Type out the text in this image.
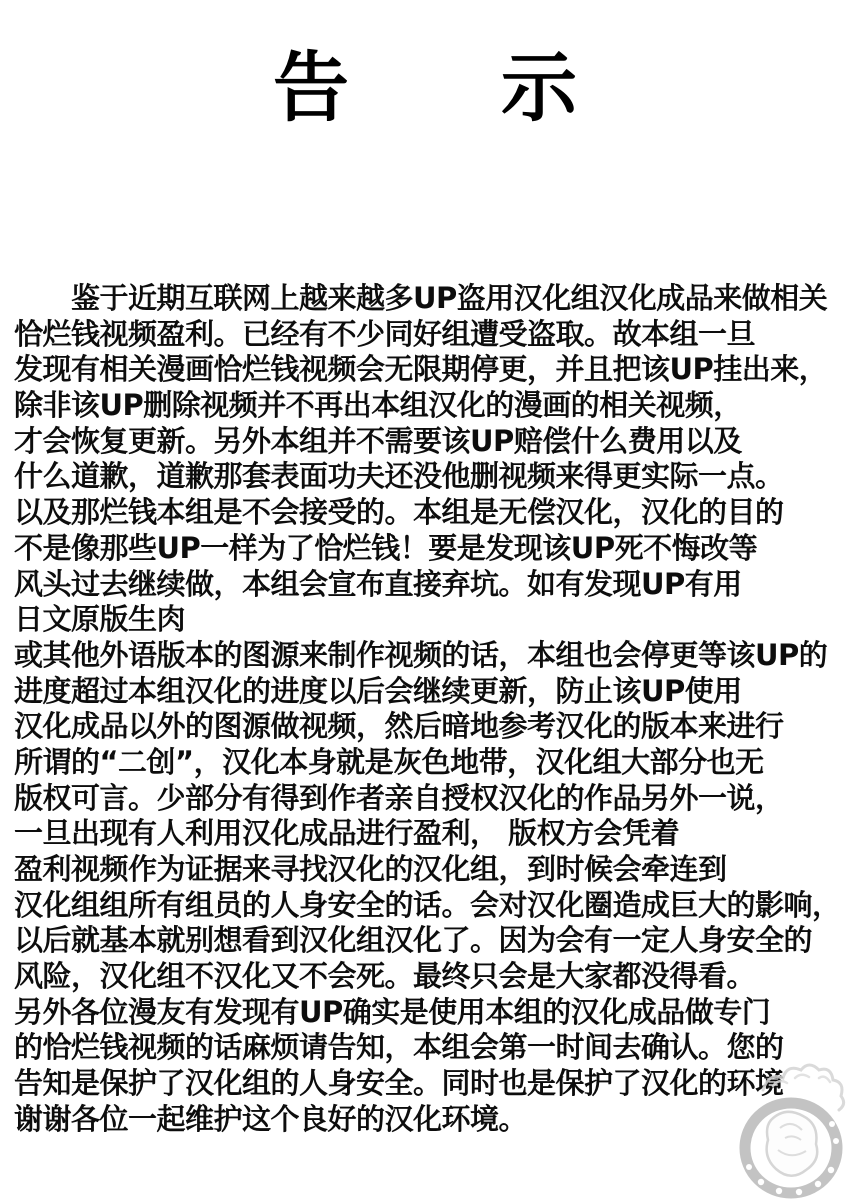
告　　示
　　鉴于近期互联网上越来越多UP盗用汉化组汉化成品来做相关
恰烂钱视频盈利。已经有不少同好组遭受盗取。故本组一旦
发现有相关漫画恰烂钱视频会无限期停更，并且把该UP挂出来，
除非该UP删除视频并不再出本组汉化的漫画的相关视频，
才会恢复更新。另外本组并不需要该UP赔偿什么费用以及
什么道歉，道歉那套表面功夫还没他删视频来得更实际一点。
以及那烂钱本组是不会接受的。本组是无偿汉化，汉化的目的
不是像那些UP一样为了恰烂钱！要是发现该UP死不悔改等
风头过去继续做，本组会宣布直接弃坑。如有发现UP有用
日文原版生肉
或其他外语版本的图源来制作视频的话，本组也会停更等该UP的
进度超过本组汉化的进度以后会继续更新，防止该UP使用
汉化成品以外的图源做视频，然后暗地参考汉化的版本来进行
所谓的“二创”，汉化本身就是灰色地带，汉化组大部分也无
版权可言。少部分有得到作者亲自授权汉化的作品另外一说，
一旦出现有人利用汉化成品进行盈利， 版权方会凭着
盈利视频作为证据来寻找汉化的汉化组，到时候会牵连到
汉化组组所有组员的人身安全的话。会对汉化圈造成巨大的影响，
以后就基本就别想看到汉化组汉化了。因为会有一定人身安全的
风险，汉化组不汉化又不会死。最终只会是大家都没得看。
另外各位漫友有发现有UP确实是使用本组的汉化成品做专门
的恰烂钱视频的话麻烦请告知，本组会第一时间去确认。您的
告知是保护了汉化组的人身安全。同时也是保护了汉化的环境
谢谢各位一起维护这个良好的汉化环境。
